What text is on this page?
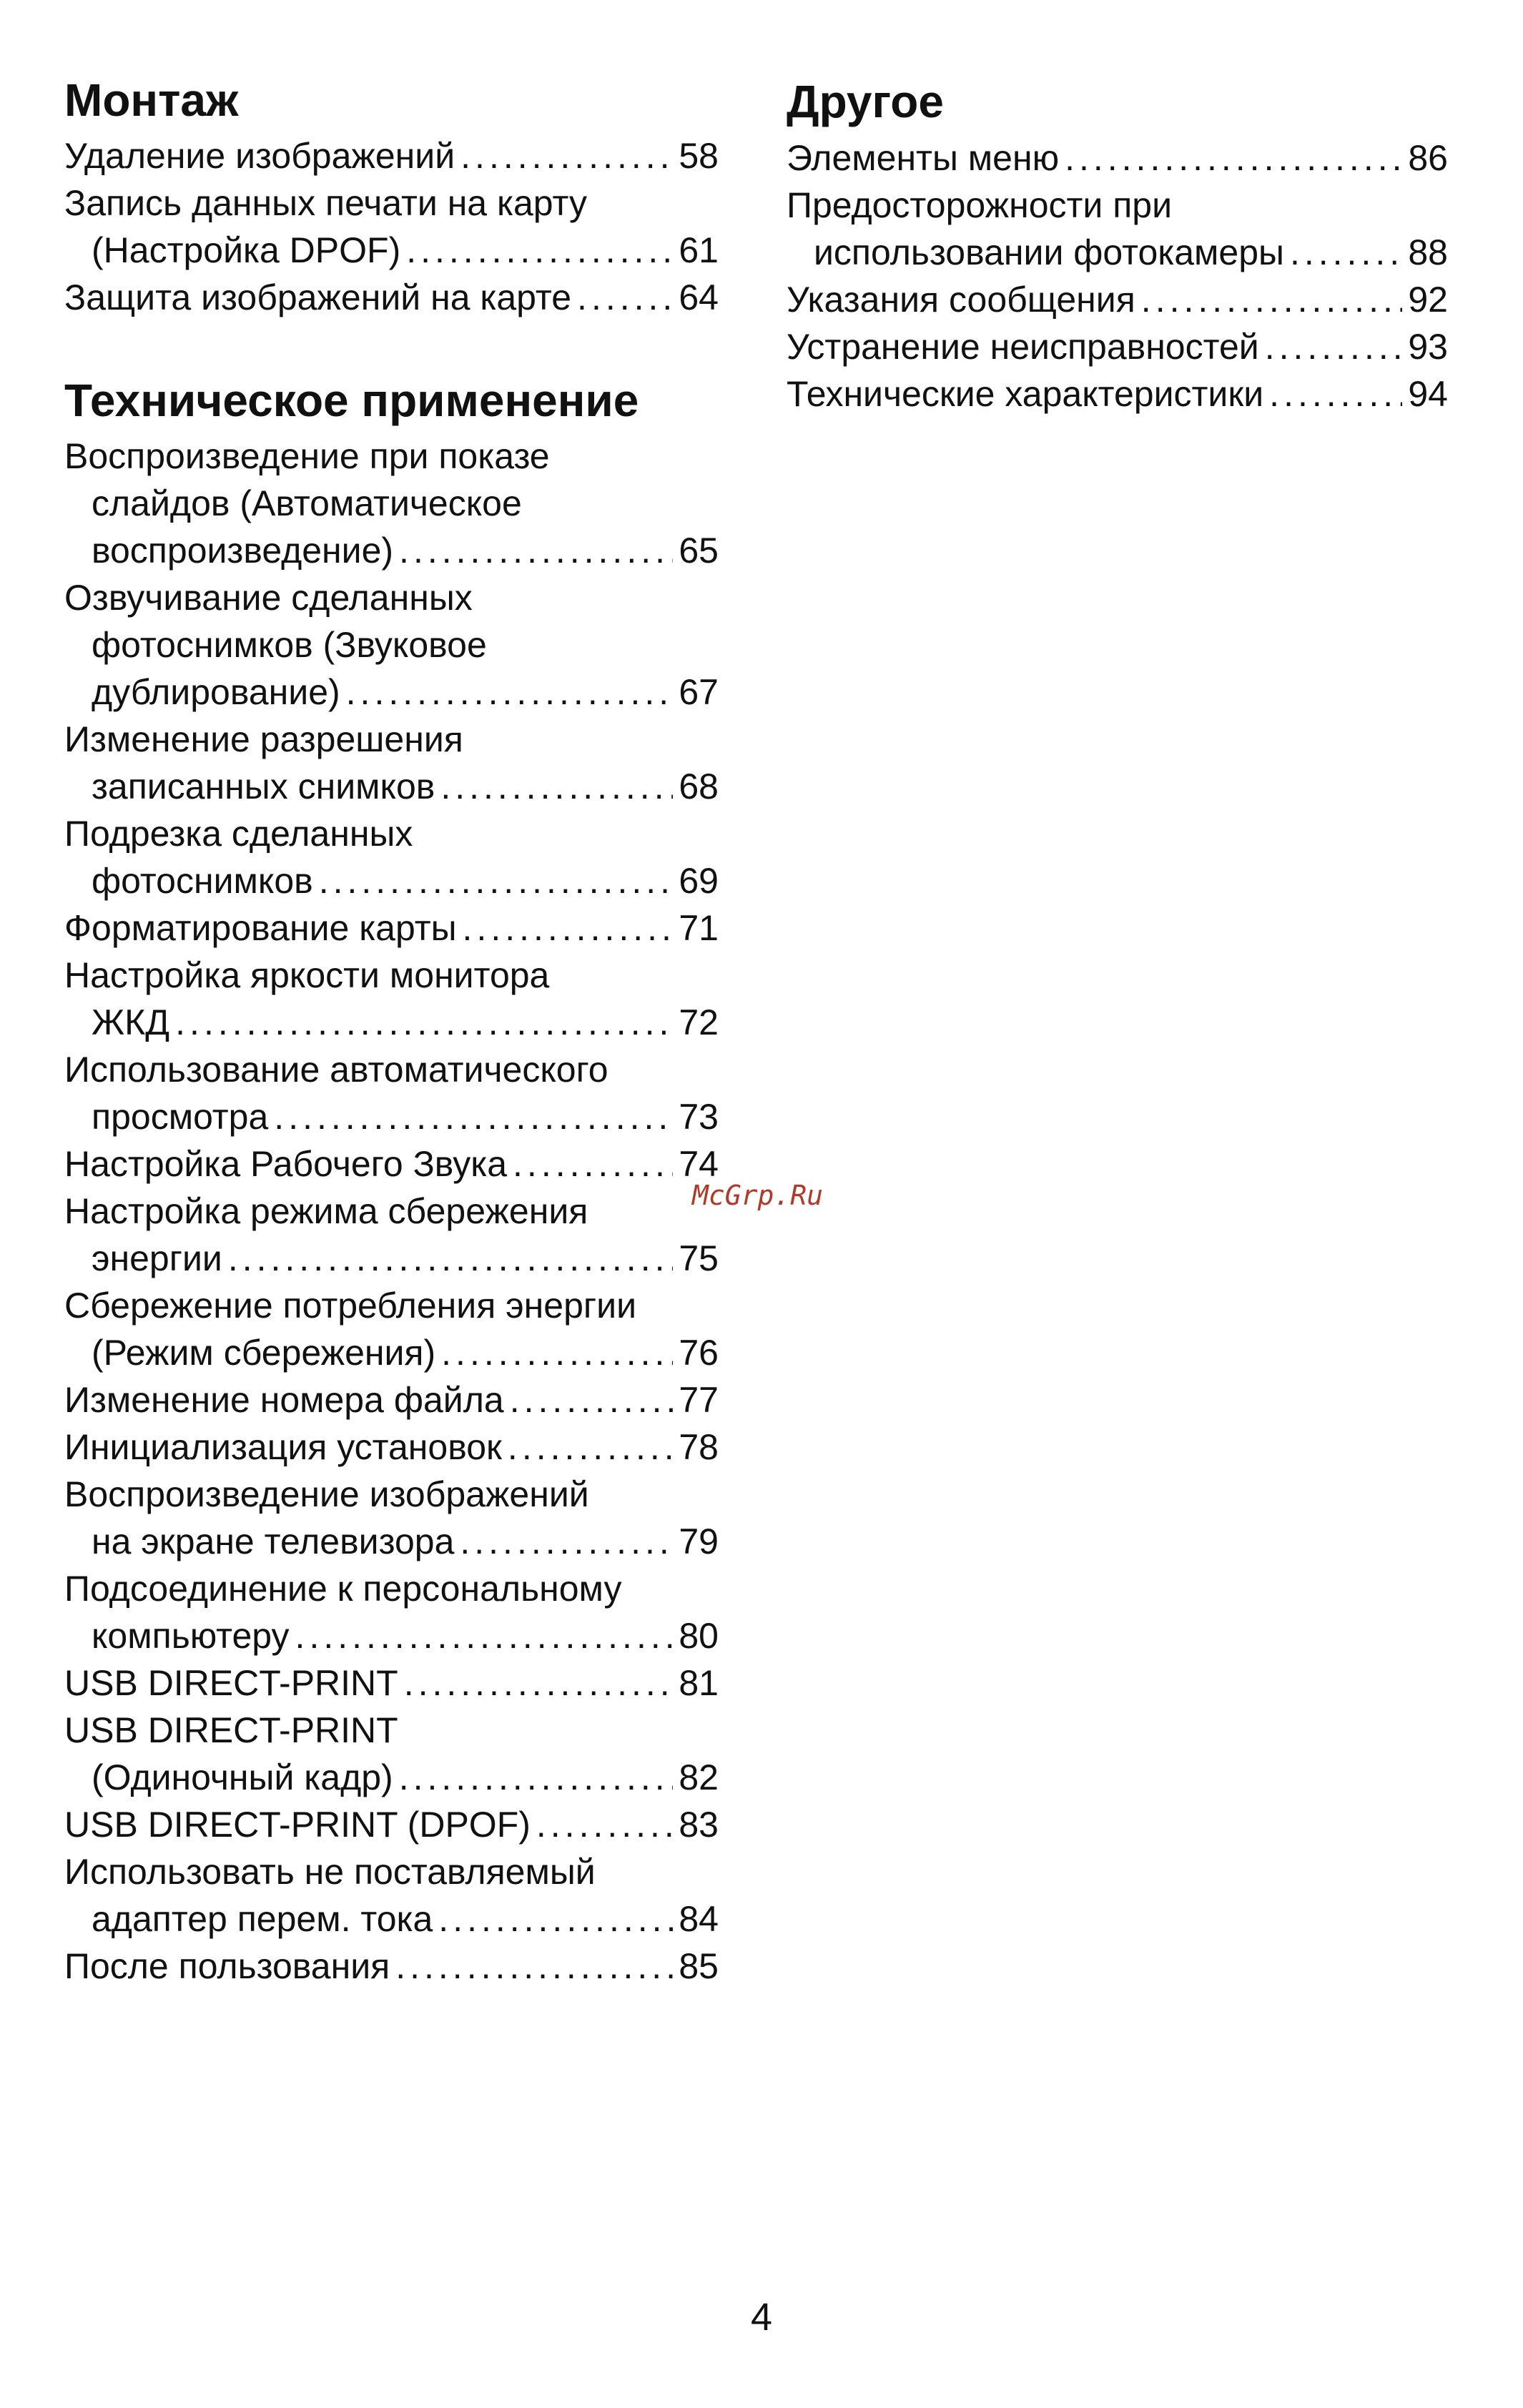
Монтаж
Удаление изображений .....	58
Запись данных печати на карту
(Настройка DPOF) .....	61
Защита изображений на карте .....	64
Техническое применение
Воспроизведение при показе
слайдов (Автоматическое
воспроизведение) .....	65
Озвучивание сделанных
фотоснимков (Звуковое
дублирование) .....	67
Изменение разрешения
записанных снимков .....	68
Подрезка сделанных
фотоснимков .....	69
Форматирование карты .....	71
Настройка яркости монитора
ЖКД .....	72
Использование автоматического
просмотра .....	73
Настройка Рабочего Звука .....	74
Настройка режима сбережения
энергии .....	75
Сбережение потребления энергии
(Режим сбережения) .....	76
Изменение номера файла .....	77
Инициализация установок .....	78
Воспроизведение изображений
на экране телевизора .....	79
Подсоединение к персональному
компьютеру .....	80
USB DIRECT-PRINT .....	81
USB DIRECT-PRINT
(Одиночный кадр) .....	82
USB DIRECT-PRINT (DPOF) .....	83
Использовать не поставляемый
адаптер перем. тока .....	84
После пользования .....	85
Другое
Элементы меню .....	86
Предосторожности при
использовании фотокамеры .....	88
Указания сообщения .....	92
Устранение неисправностей .....	93
Технические характеристики .....	94
McGrp.Ru
4
